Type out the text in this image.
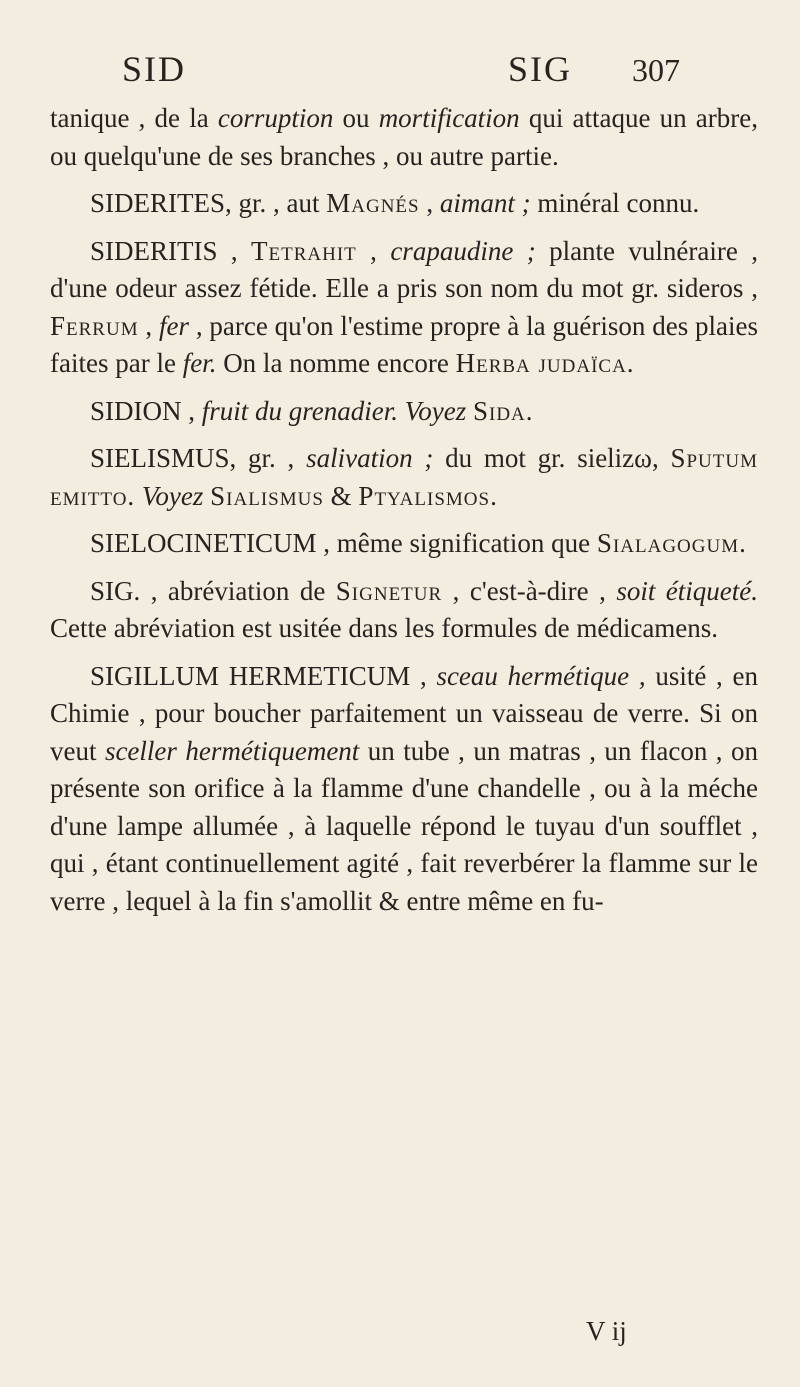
SID	SIG 307

tanique , de la corruption ou mortification qui attaque un arbre, ou quelqu'une de ses branches , ou autre partie.

SIDERITES, gr. , aut Magnés , aimant ; minéral connu.

SIDERITIS , Tetrahit , crapaudine ; plante vulnéraire , d'une odeur assez fétide. Elle a pris son nom du mot gr. sideros , Ferrum , fer , parce qu'on l'estime propre à la guérison des plaies faites par le fer. On la nomme encore Herba judaïca.

SIDION , fruit du grenadier. Voyez Sida.

SIELISMUS, gr. , salivation ; du mot gr. sielizω, Sputum emitto. Voyez Sialismus & Ptyalismos.

SIELOCINETICUM , même signification que Sialagogum.

SIG. , abréviation de Signetur , c'est-à-dire , soit étiqueté. Cette abréviation est usitée dans les formules de médicamens.

SIGILLUM HERMETICUM , sceau hermétique , usité , en Chimie , pour boucher parfaitement un vaisseau de verre. Si on veut sceller hermétiquement un tube , un matras , un flacon , on présente son orifice à la flamme d'une chandelle , ou à la méche d'une lampe allumée , à laquelle répond le tuyau d'un soufflet , qui , étant continuellement agité , fait reverbérer la flamme sur le verre , lequel à la fin s'amollit & entre même en fu-

V ij
